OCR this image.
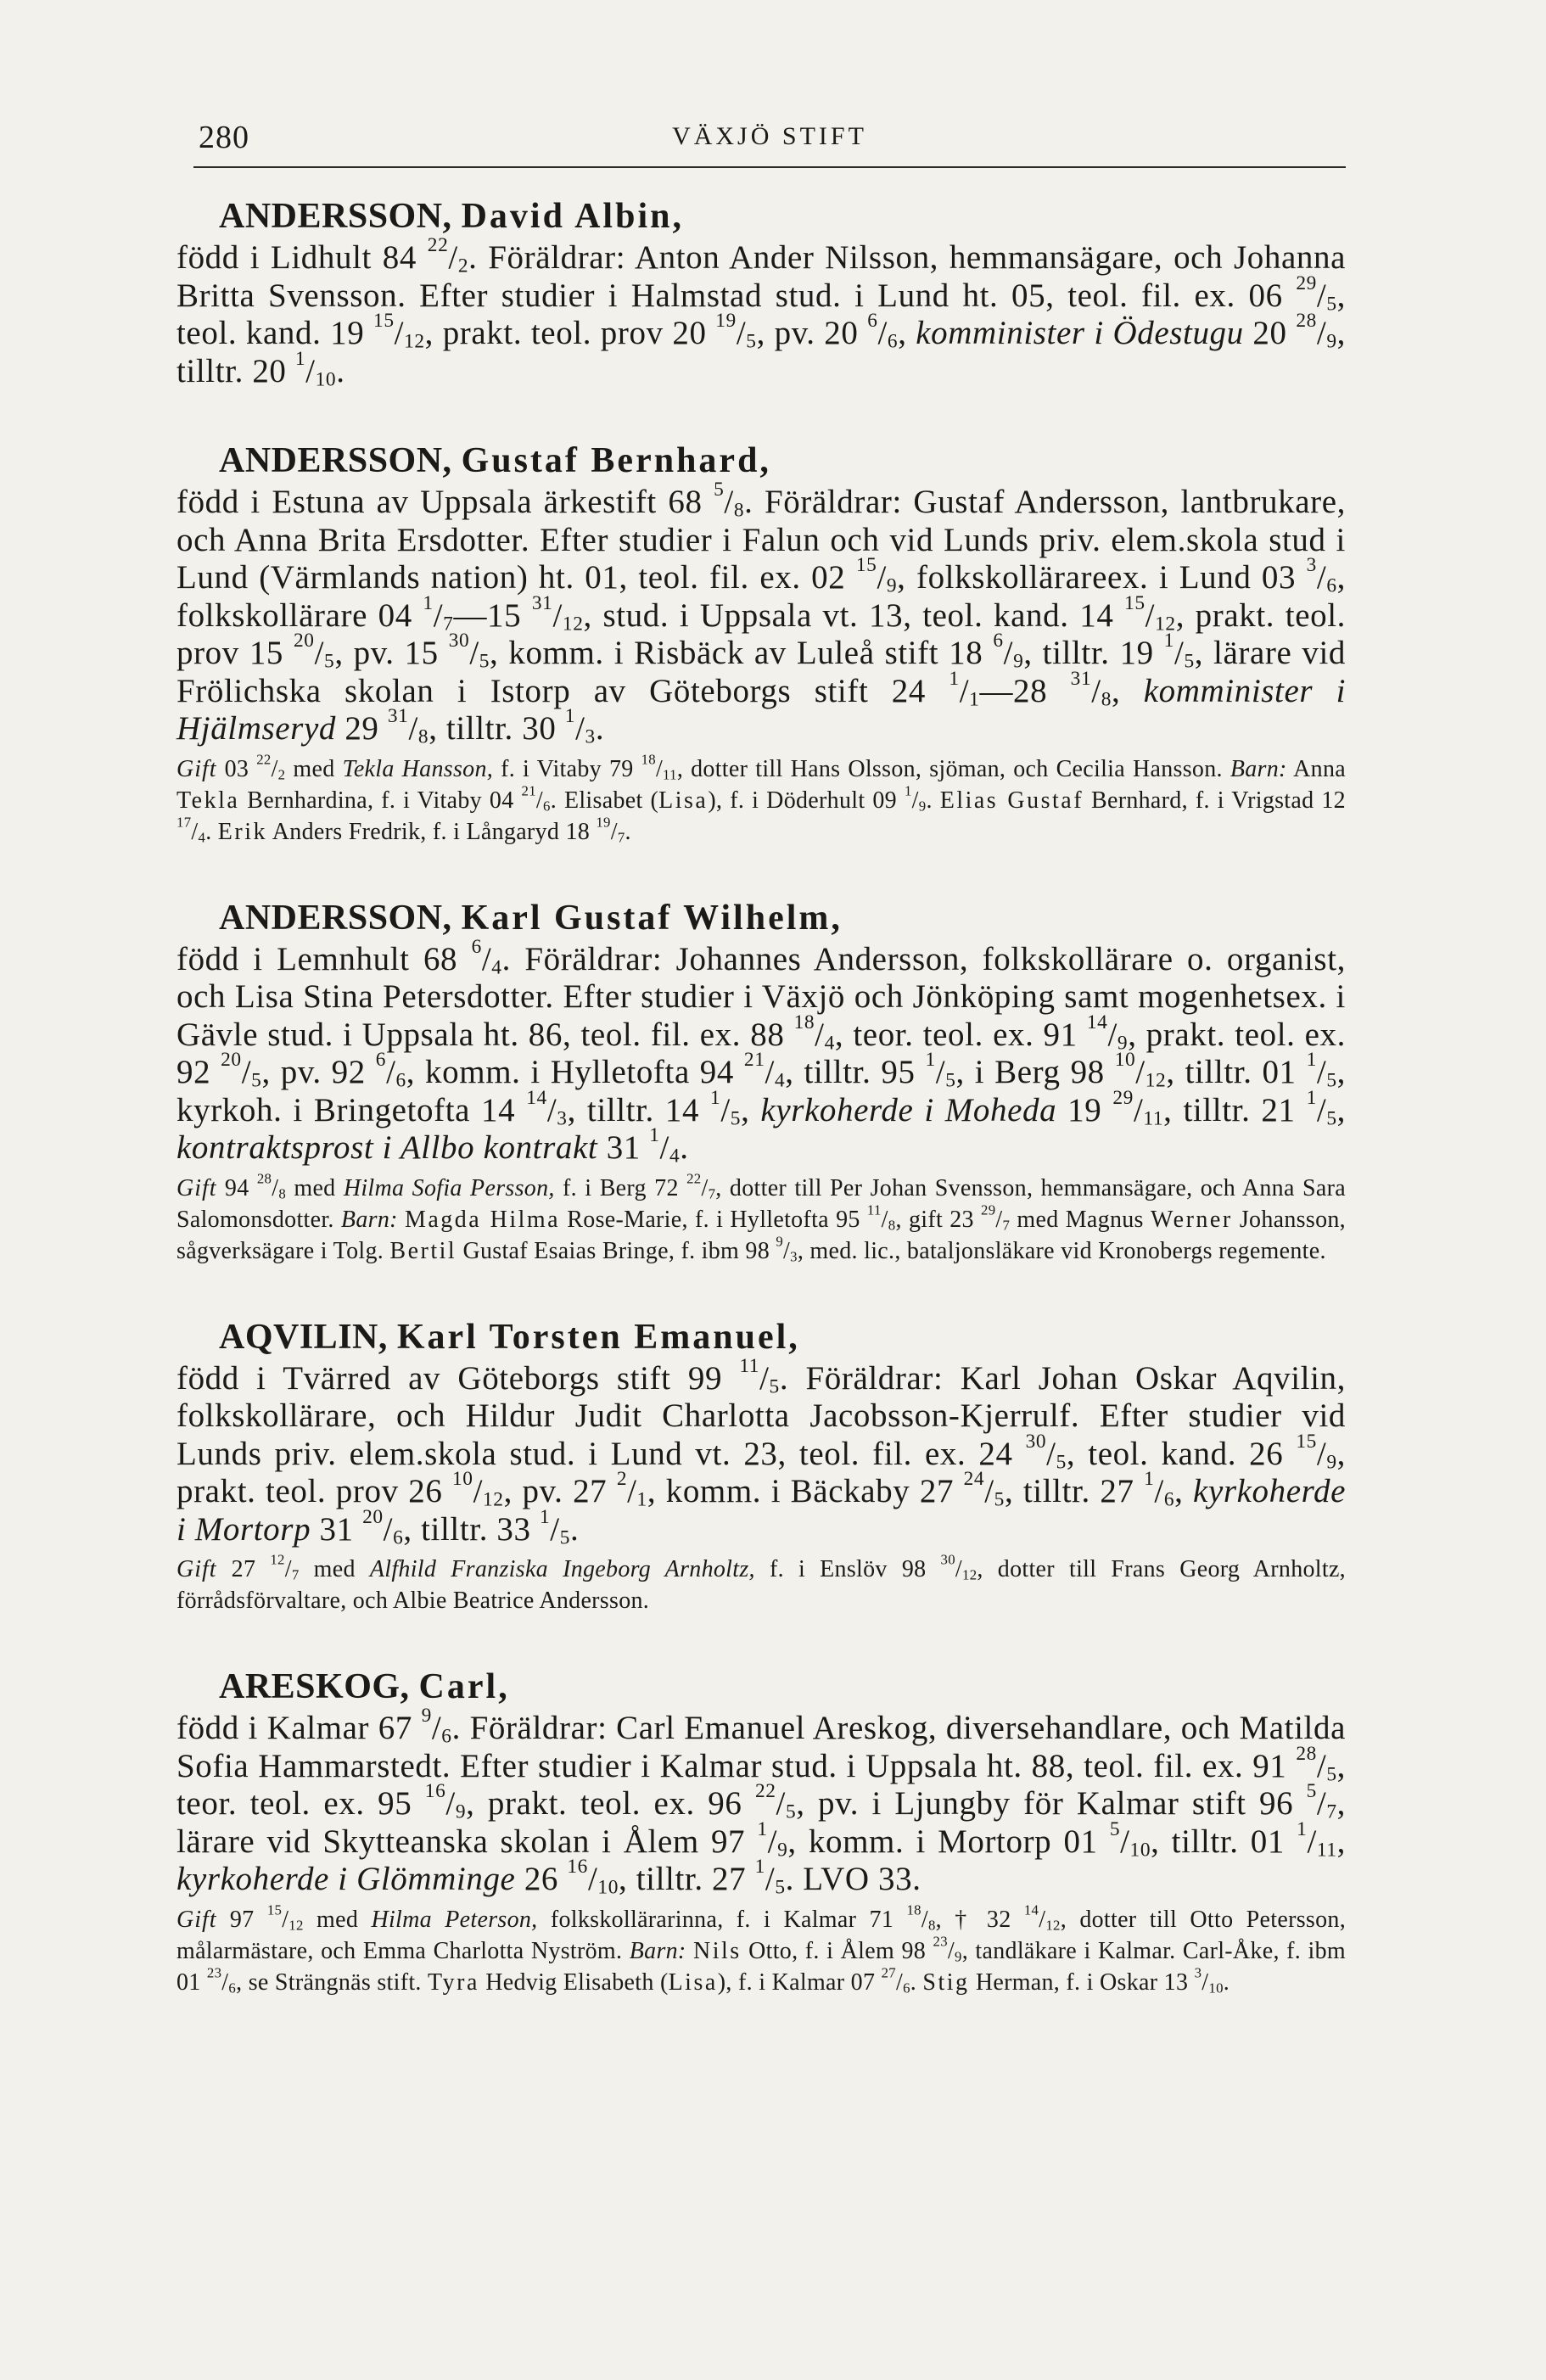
280	VÄXJÖ STIFT

ANDERSSON, David Albin,

född i Lidhult 84 $^{22}/_2$. Föräldrar: Anton Ander Nilsson, hemmansägare, och Johanna Britta Svensson. Efter studier i Halmstad stud. i Lund ht. 05, teol. fil. ex. 06 $^{29}/_5$, teol. kand. 19 $^{15}/_{12}$, prakt. teol. prov 20 $^{19}/_5$, pv. 20 $^6/_6$, komminister i Ödestugu 20 $^{28}/_9$, tilltr. 20 $^1/_{10}$.

ANDERSSON, Gustaf Bernhard,

född i Estuna av Uppsala ärkestift 68 $^5/_8$. Föräldrar: Gustaf Andersson, lantbrukare, och Anna Brita Ersdotter. Efter studier i Falun och vid Lunds priv. elem.skola stud i Lund (Värmlands nation) ht. 01, teol. fil. ex. 02 $^{15}/_9$, folkskollärareex. i Lund 03 $^3/_6$, folkskollärare 04 $^1/_7—15$ $^{31}/_{12}$, stud. i Uppsala vt. 13, teol. kand. 14 $^{15}/_{12}$, prakt. teol. prov 15 $^{20}/_5$, pv. 15 $^{30}/_5$, komm. i Risbäck av Luleå stift 18 $^6/_9$, tilltr. 19 $^1/_5$, lärare vid Frölichska skolan i Istorp av Göteborgs stift 24 $^1/_1—28$ $^{31}/_8$, komminister i Hjälmseryd 29 $^{31}/_8$, tilltr. 30 $^1/_3$.

Gift 03 $^{22}/_2$ med Tekla Hansson, f. i Vitaby 79 $^{18}/_{11}$, dotter till Hans Olsson, sjöman, och Cecilia Hansson. Barn: Anna Tekla Bernhardina, f. i Vitaby 04 $^{21}/_6$. Elisabet (Lisa), f. i Döderhult 09 $^1/_9$. Elias Gustaf Bernhard, f. i Vrigstad 12 $^{17}/_4$. Erik Anders Fredrik, f. i Långaryd 18 $^{19}/_7$.

ANDERSSON, Karl Gustaf Wilhelm,

född i Lemnhult 68 $^6/_4$. Föräldrar: Johannes Andersson, folkskollärare o. organist, och Lisa Stina Petersdotter. Efter studier i Växjö och Jönköping samt mogenhetsex. i Gävle stud. i Uppsala ht. 86, teol. fil. ex. 88 $^{18}/_4$, teor. teol. ex. 91 $^{14}/_9$, prakt. teol. ex. 92 $^{20}/_5$, pv. 92 $^6/_6$, komm. i Hylletofta 94 $^{21}/_4$, tilltr. 95 $^1/_5$, i Berg 98 $^{10}/_{12}$, tilltr. 01 $^1/_5$, kyrkoh. i Bringetofta 14 $^{14}/_3$, tilltr. 14 $^1/_5$, kyrkoherde i Moheda 19 $^{29}/_{11}$, tilltr. 21 $^1/_5$, kontraktsprost i Allbo kontrakt 31 $^1/_4$.

Gift 94 $^{28}/_8$ med Hilma Sofia Persson, f. i Berg 72 $^{22}/_7$, dotter till Per Johan Svensson, hemmansägare, och Anna Sara Salomonsdotter. Barn: Magda Hilma Rose-Marie, f. i Hylletofta 95 $^{11}/_8$, gift 23 $^{29}/_7$ med Magnus Werner Johansson, sågverksägare i Tolg. Bertil Gustaf Esaias Bringe, f. ibm 98 $^9/_3$, med. lic., bataljonsläkare vid Kronobergs regemente.

AQVILIN, Karl Torsten Emanuel,

född i Tvärred av Göteborgs stift 99 $^{11}/_5$. Föräldrar: Karl Johan Oskar Aqvilin, folkskollärare, och Hildur Judit Charlotta Jacobsson-Kjerrulf. Efter studier vid Lunds priv. elem.skola stud. i Lund vt. 23, teol. fil. ex. 24 $^{30}/_5$, teol. kand. 26 $^{15}/_9$, prakt. teol. prov 26 $^{10}/_{12}$, pv. 27 $^2/_1$, komm. i Bäckaby 27 $^{24}/_5$, tilltr. 27 $^1/_6$, kyrkoherde i Mortorp 31 $^{20}/_6$, tilltr. 33 $^1/_5$.

Gift 27 $^{12}/_7$ med Alfhild Franziska Ingeborg Arnholtz, f. i Enslöv 98 $^{30}/_{12}$, dotter till Frans Georg Arnholtz, förrådsförvaltare, och Albie Beatrice Andersson.

ARESKOG, Carl,

född i Kalmar 67 $^9/_6$. Föräldrar: Carl Emanuel Areskog, diversehandlare, och Matilda Sofia Hammarstedt. Efter studier i Kalmar stud. i Uppsala ht. 88, teol. fil. ex. 91 $^{28}/_5$, teor. teol. ex. 95 $^{16}/_9$, prakt. teol. ex. 96 $^{22}/_5$, pv. i Ljungby för Kalmar stift 96 $^5/_7$, lärare vid Skytteanska skolan i Ålem 97 $^1/_9$, komm. i Mortorp 01 $^5/_{10}$, tilltr. 01 $^1/_{11}$, kyrkoherde i Glömminge 26 $^{16}/_{10}$, tilltr. 27 $^1/_5$. LVO 33.

Gift 97 $^{15}/_{12}$ med Hilma Peterson, folkskollärarinna, f. i Kalmar 71 $^{18}/_8$, † 32 $^{14}/_{12}$, dotter till Otto Petersson, målarmästare, och Emma Charlotta Nyström. Barn: Nils Otto, f. i Ålem 98 $^{23}/_9$, tandläkare i Kalmar. Carl-Åke, f. ibm 01 $^{23}/_6$, se Strängnäs stift. Tyra Hedvig Elisabeth (Lisa), f. i Kalmar 07 $^{27}/_6$. Stig Herman, f. i Oskar 13 $^3/_{10}$.
